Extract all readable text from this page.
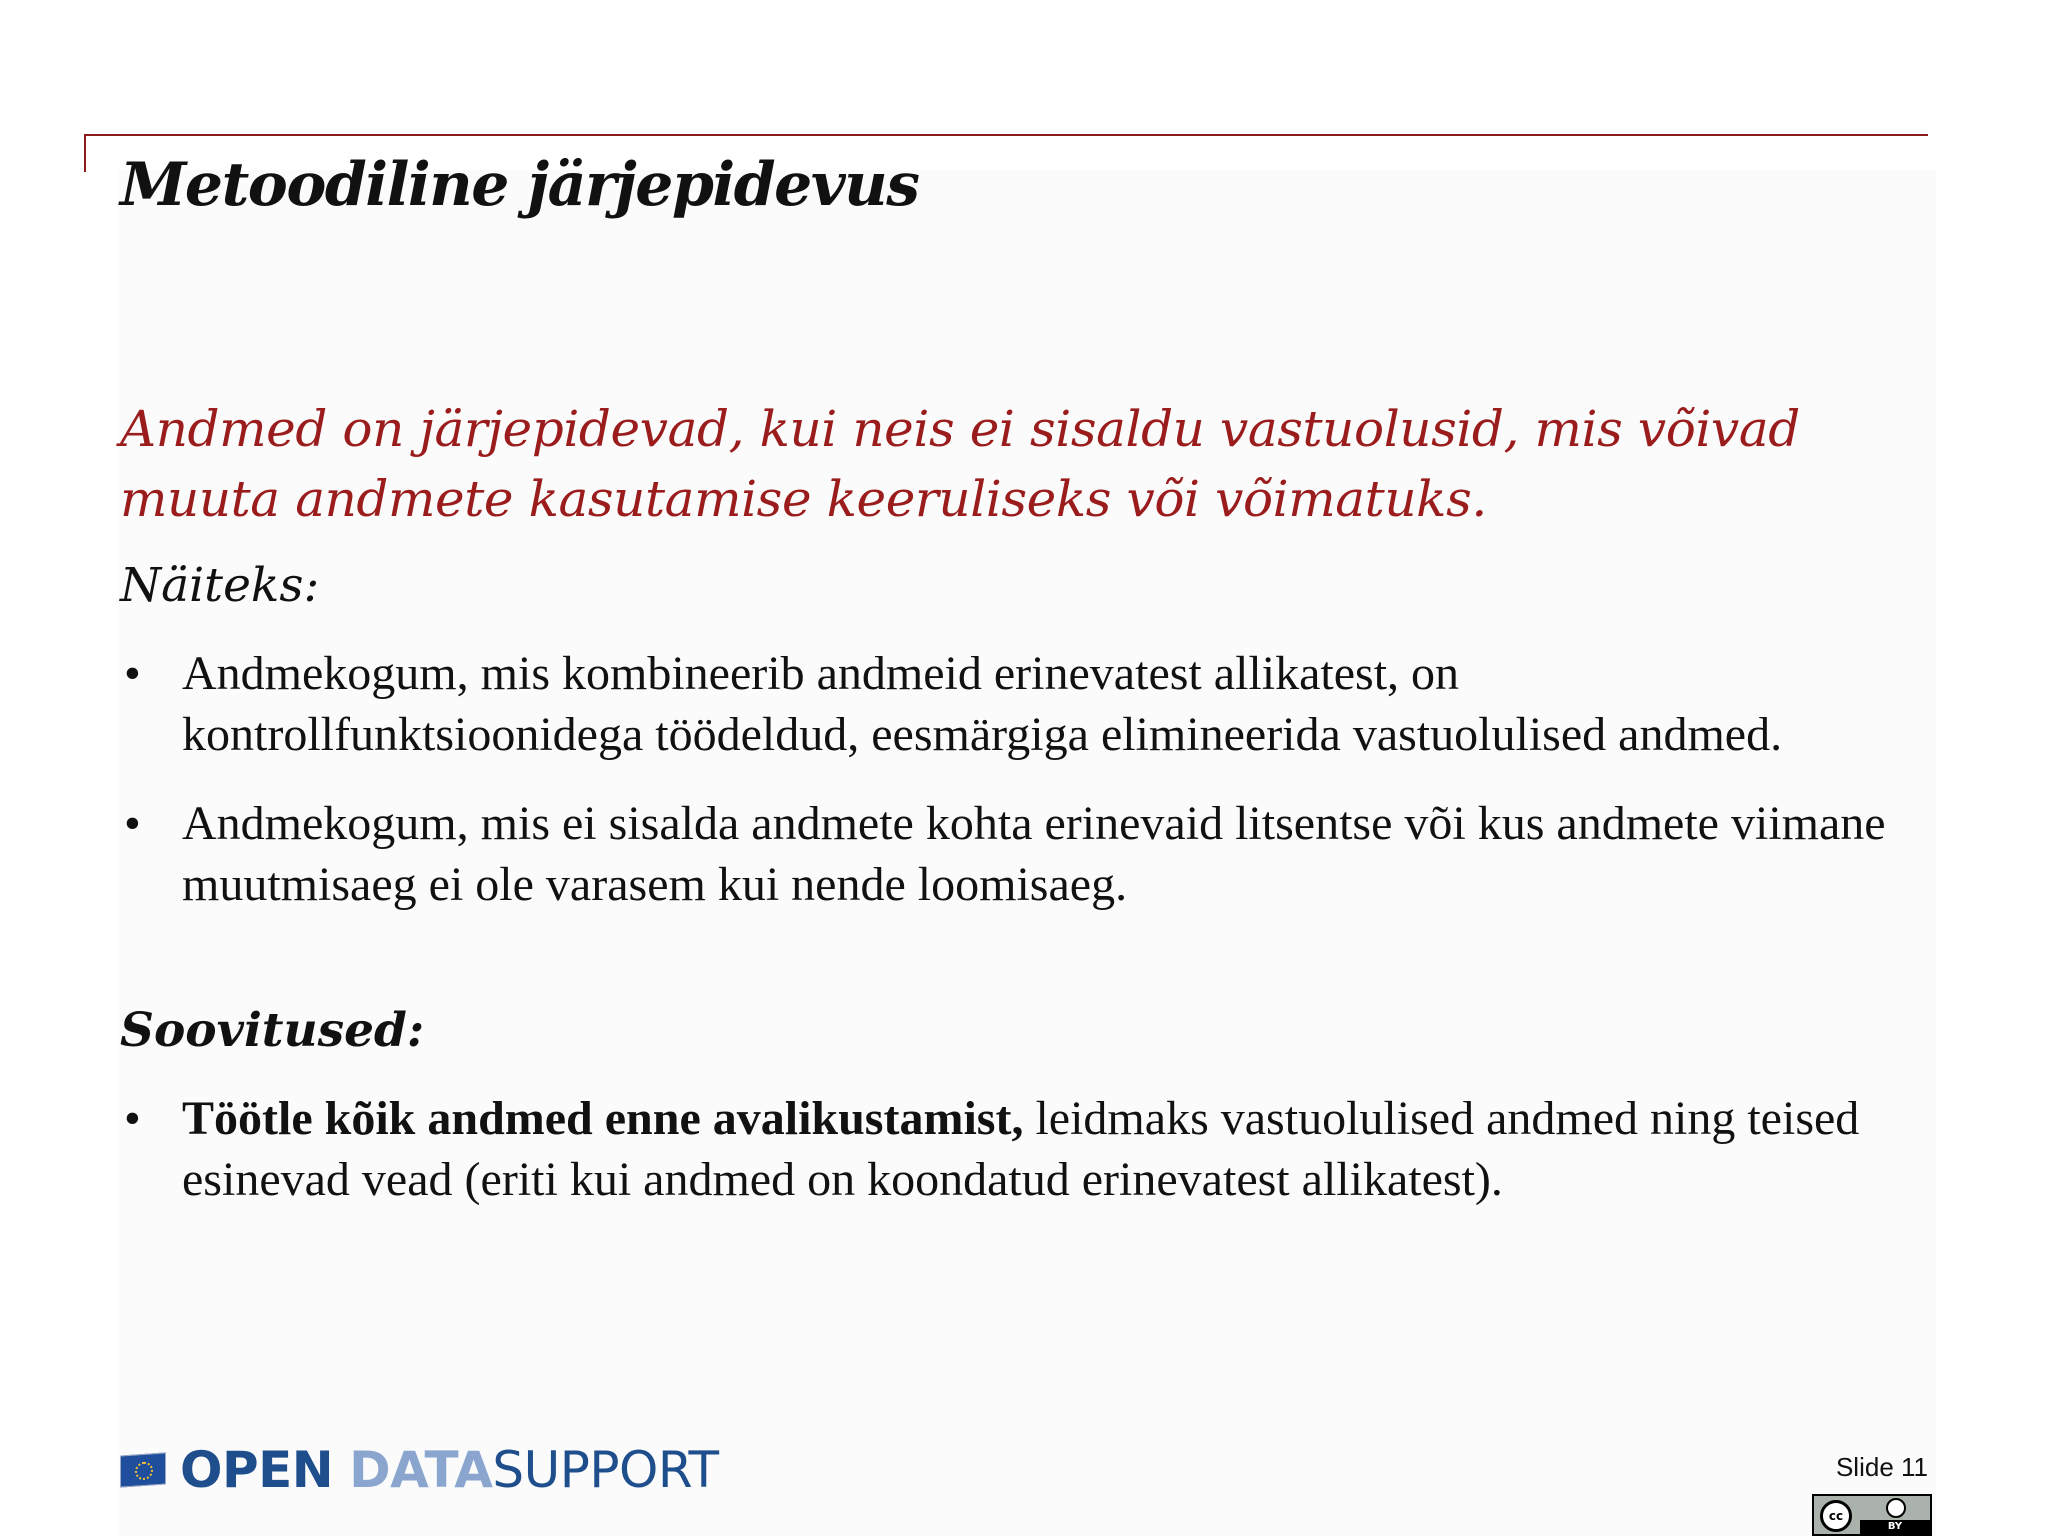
Metoodiline järjepidevus

Andmed on järjepidevad, kui neis ei sisaldu vastuolusid, mis võivad muuta andmete kasutamise keeruliseks või võimatuks.

Näiteks:

• Andmekogum, mis kombineerib andmeid erinevatest allikatest, on kontrollfunktsioonidega töödeldud, eesmärgiga elimineerida vastuolulised andmed.
• Andmekogum, mis ei sisalda andmete kohta erinevaid litsentse või kus andmete viimane muutmisaeg ei ole varasem kui nende loomisaeg.

Soovitused:

• Töötle kõik andmed enne avalikustamist, leidmaks vastuolulised andmed ning teised esinevad vead (eriti kui andmed on koondatud erinevatest allikatest).
OPEN DATASUPPORT	Slide 11
cc
BY
